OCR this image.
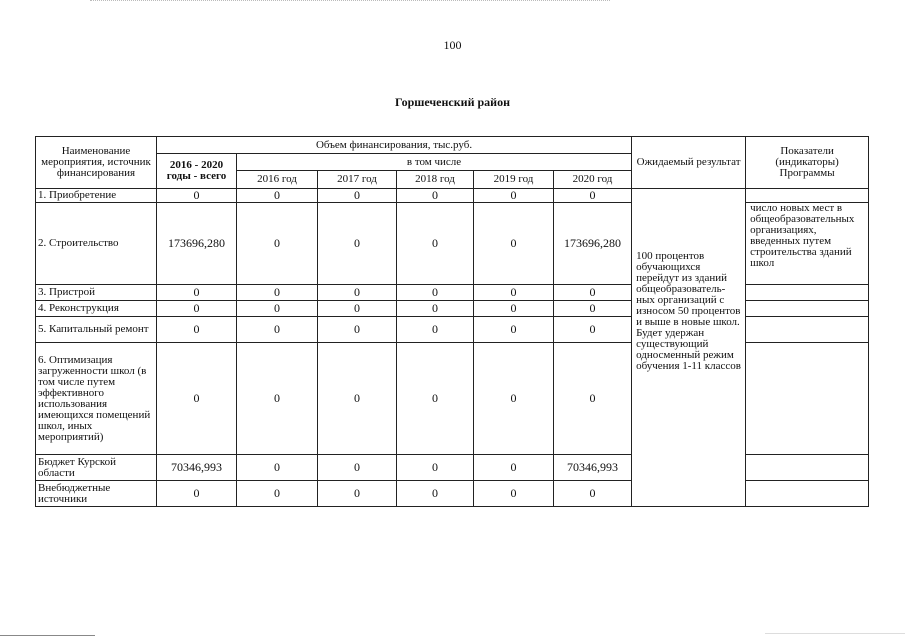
100
Горшеченский район
Наименование мероприятия, источник финансирования	Объем финансирования, тыс.руб.						Ожидаемый результат	Показатели (индикаторы) Программы
	2016 - 2020 годы - всего	в том числе						
		2016 год	2017 год	2018 год	2019 год	2020 год		
1. Приобретение	0	0	0	0	0	0	100 процентов обучающихся перейдут из зданий общеобразователь-ных организаций с износом 50 процентов и выше в новые школ. Будет удержан существующий односменный режим обучения 1-11 классов	
2. Строительство	173696,280	0	0	0	0	173696,280		число новых мест в общеобразовательных организациях, введенных путем строительства зданий школ
3. Пристрой	0	0	0	0	0	0		
4. Реконструкция	0	0	0	0	0	0		
5. Капитальный ремонт	0	0	0	0	0	0		
6. Оптимизация загруженности школ (в том числе путем эффективного использования имеющихся помещений школ, иных мероприятий)	0	0	0	0	0	0		
Бюджет Курской области	70346,993	0	0	0	0	70346,993		
Внебюджетные источники	0	0	0	0	0	0		
